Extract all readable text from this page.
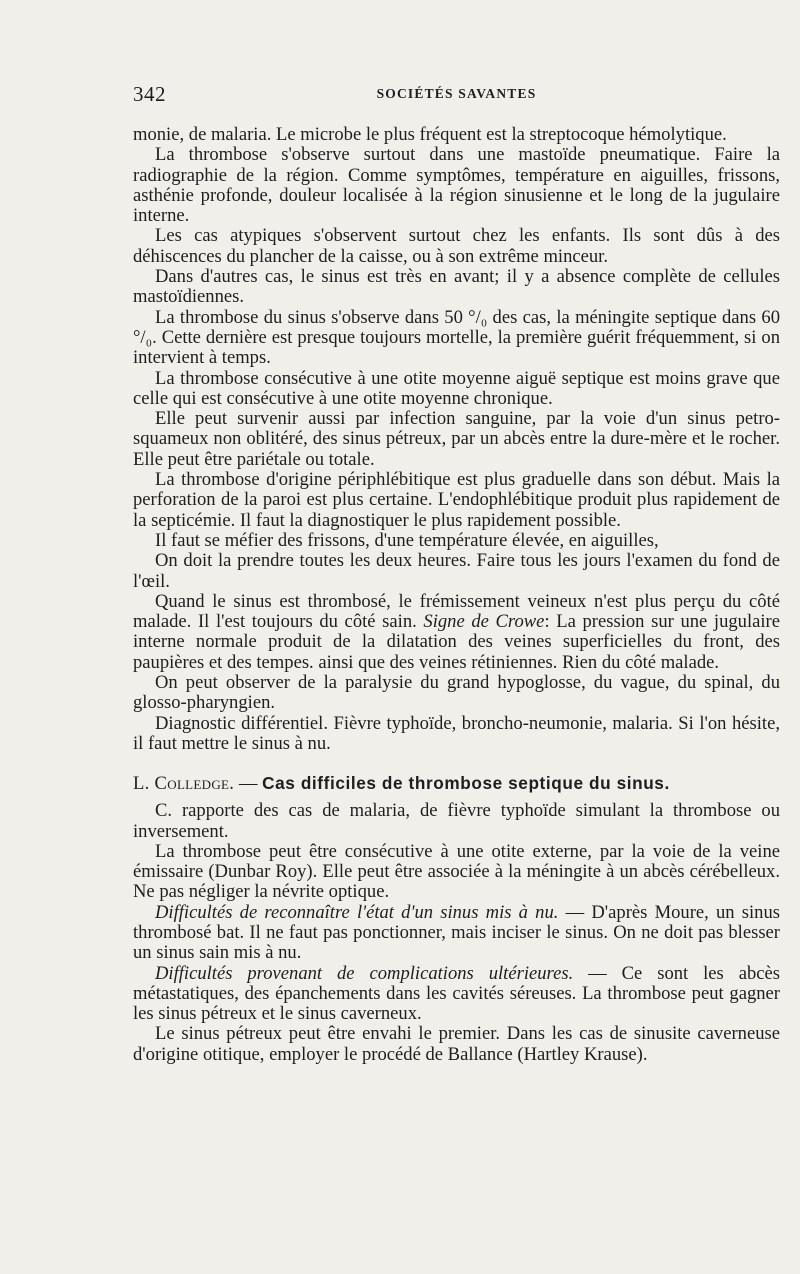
342	SOCIÉTÉS SAVANTES

monie, de malaria. Le microbe le plus fréquent est la streptocoque hémolytique.

La thrombose s'observe surtout dans une mastoïde pneumatique. Faire la radiographie de la région. Comme symptômes, température en aiguilles, frissons, asthénie profonde, douleur localisée à la région sinusienne et le long de la jugulaire interne.

Les cas atypiques s'observent surtout chez les enfants. Ils sont dûs à des déhiscences du plancher de la caisse, ou à son extrême minceur.

Dans d'autres cas, le sinus est très en avant; il y a absence complète de cellules mastoïdiennes.

La thrombose du sinus s'observe dans 50 °/₀ des cas, la méningite septique dans 60 °/₀. Cette dernière est presque toujours mortelle, la première guérit fréquemment, si on intervient à temps.

La thrombose consécutive à une otite moyenne aiguë septique est moins grave que celle qui est consécutive à une otite moyenne chronique.

Elle peut survenir aussi par infection sanguine, par la voie d'un sinus petro-squameux non oblitéré, des sinus pétreux, par un abcès entre la dure-mère et le rocher. Elle peut être pariétale ou totale.

La thrombose d'origine périphlébitique est plus graduelle dans son début. Mais la perforation de la paroi est plus certaine. L'endophlébitique produit plus rapidement de la septicémie. Il faut la diagnostiquer le plus rapidement possible.

Il faut se méfier des frissons, d'une température élevée, en aiguilles,

On doit la prendre toutes les deux heures. Faire tous les jours l'examen du fond de l'œil.

Quand le sinus est thrombosé, le frémissement veineux n'est plus perçu du côté malade. Il l'est toujours du côté sain. Signe de Crowe: La pression sur une jugulaire interne normale produit de la dilatation des veines superficielles du front, des paupières et des tempes. ainsi que des veines rétiniennes. Rien du côté malade.

On peut observer de la paralysie du grand hypoglosse, du vague, du spinal, du glosso-pharyngien.

Diagnostic différentiel. Fièvre typhoïde, broncho-neumonie, malaria. Si l'on hésite, il faut mettre le sinus à nu.

L. Colledge. — Cas difficiles de thrombose septique du sinus.

C. rapporte des cas de malaria, de fièvre typhoïde simulant la thrombose ou inversement.

La thrombose peut être consécutive à une otite externe, par la voie de la veine émissaire (Dunbar Roy). Elle peut être associée à la méningite à un abcès cérébelleux. Ne pas négliger la névrite optique.

Difficultés de reconnaître l'état d'un sinus mis à nu. — D'après Moure, un sinus thrombosé bat. Il ne faut pas ponctionner, mais inciser le sinus. On ne doit pas blesser un sinus sain mis à nu.

Difficultés provenant de complications ultérieures. — Ce sont les abcès métastatiques, des épanchements dans les cavités séreuses. La thrombose peut gagner les sinus pétreux et le sinus caverneux.

Le sinus pétreux peut être envahi le premier. Dans les cas de sinusite caverneuse d'origine otitique, employer le procédé de Ballance (Hartley Krause).
